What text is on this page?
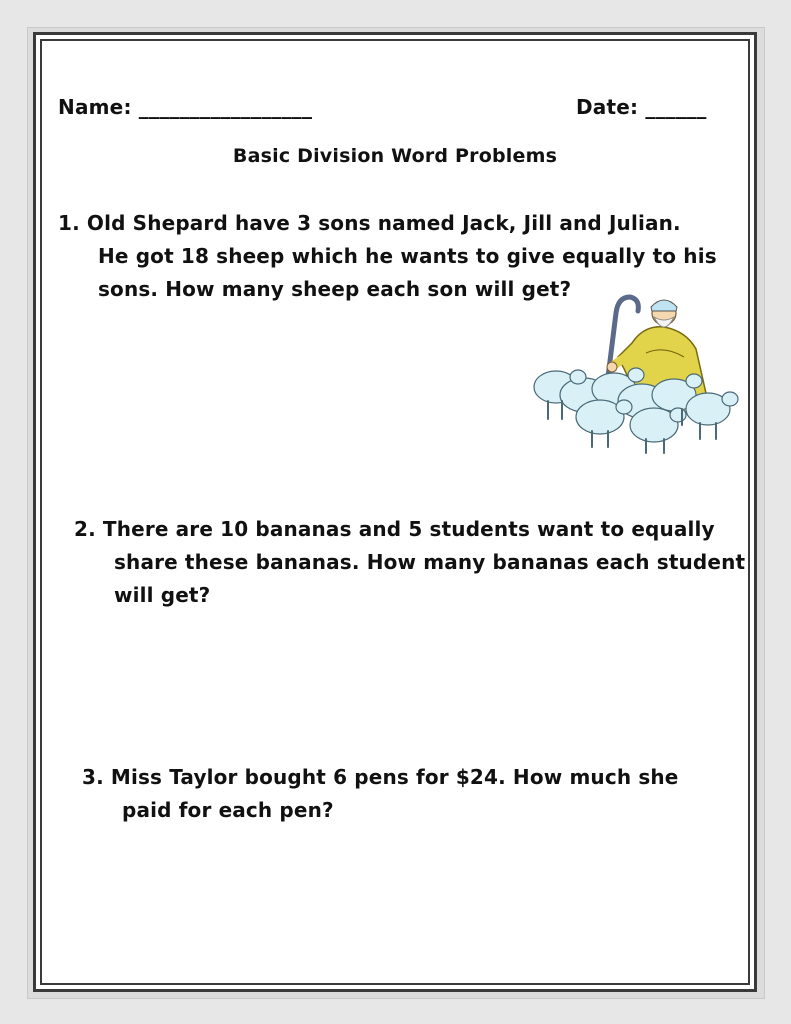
Name: _________________	Date: ______
Basic Division Word Problems
1. Old Shepard have 3 sons named Jack, Jill and Julian.
He got 18 sheep which he wants to give equally to his
sons. How many sheep each son will get?
2. There are 10 bananas and 5 students want to equally
share these bananas. How many bananas each student
will get?
3. Miss Taylor bought 6 pens for $24. How much she
paid for each pen?
